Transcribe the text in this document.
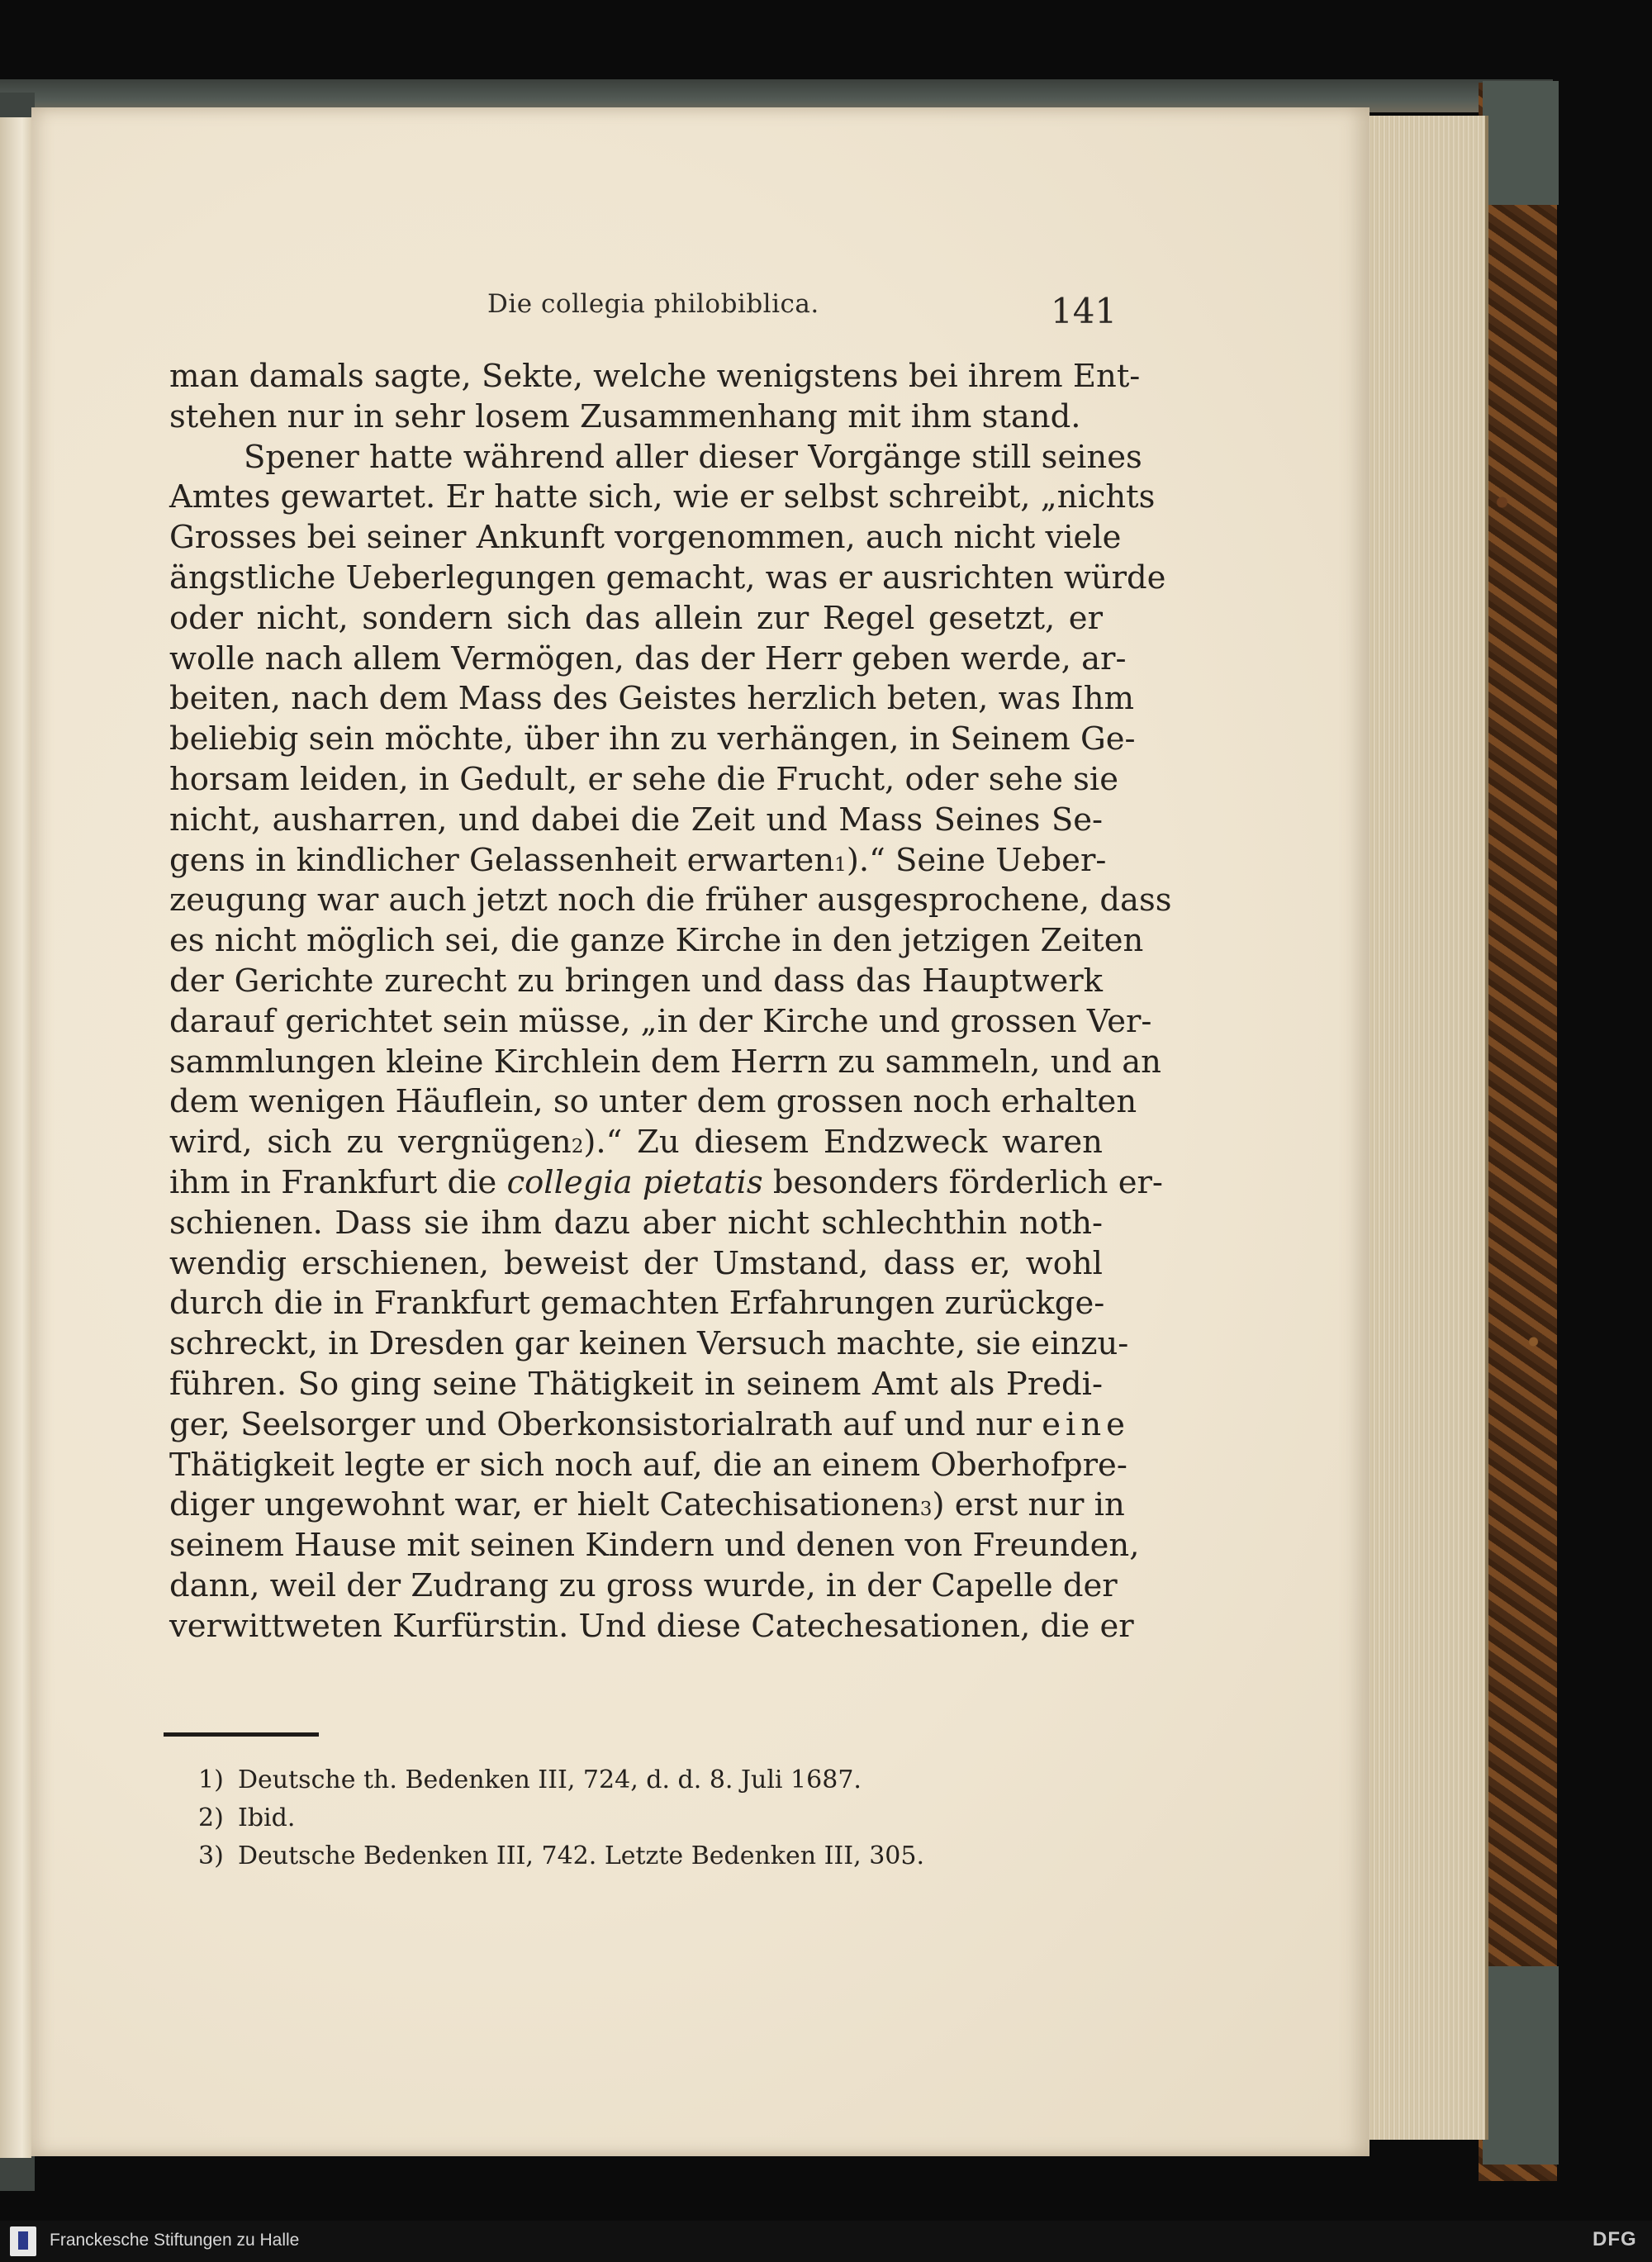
Die collegia philobiblica.	141
man damals sagte, Sekte, welche wenigstens bei ihrem Ent-
stehen nur in sehr losem Zusammenhang mit ihm stand.
Spener hatte während aller dieser Vorgänge still seines
Amtes gewartet. Er hatte sich, wie er selbst schreibt, „nichts
Grosses bei seiner Ankunft vorgenommen, auch nicht viele
ängstliche Ueberlegungen gemacht, was er ausrichten würde
oder nicht, sondern sich das allein zur Regel gesetzt, er
wolle nach allem Vermögen, das der Herr geben werde, ar-
beiten, nach dem Mass des Geistes herzlich beten, was Ihm
beliebig sein möchte, über ihn zu verhängen, in Seinem Ge-
horsam leiden, in Gedult, er sehe die Frucht, oder sehe sie
nicht, ausharren, und dabei die Zeit und Mass Seines Se-
gens in kindlicher Gelassenheit erwarten$^1$).“ Seine Ueber-
zeugung war auch jetzt noch die früher ausgesprochene, dass
es nicht möglich sei, die ganze Kirche in den jetzigen Zeiten
der Gerichte zurecht zu bringen und dass das Hauptwerk
darauf gerichtet sein müsse, „in der Kirche und grossen Ver-
sammlungen kleine Kirchlein dem Herrn zu sammeln, und an
dem wenigen Häuflein, so unter dem grossen noch erhalten
wird, sich zu vergnügen$^2$).“ Zu diesem Endzweck waren
ihm in Frankfurt die collegia pietatis besonders förderlich er-
schienen. Dass sie ihm dazu aber nicht schlechthin noth-
wendig erschienen, beweist der Umstand, dass er, wohl
durch die in Frankfurt gemachten Erfahrungen zurückge-
schreckt, in Dresden gar keinen Versuch machte, sie einzu-
führen. So ging seine Thätigkeit in seinem Amt als Predi-
ger, Seelsorger und Oberkonsistorialrath auf und nur eine
Thätigkeit legte er sich noch auf, die an einem Oberhofpre-
diger ungewohnt war, er hielt Catechisationen$^3$) erst nur in
seinem Hause mit seinen Kindern und denen von Freunden,
dann, weil der Zudrang zu gross wurde, in der Capelle der
verwittweten Kurfürstin. Und diese Catechesationen, die er
1) Deutsche th. Bedenken III, 724, d. d. 8. Juli 1687.
2) Ibid.
3) Deutsche Bedenken III, 742. Letzte Bedenken III, 305.
Franckesche Stiftungen zu Halle	DFG
